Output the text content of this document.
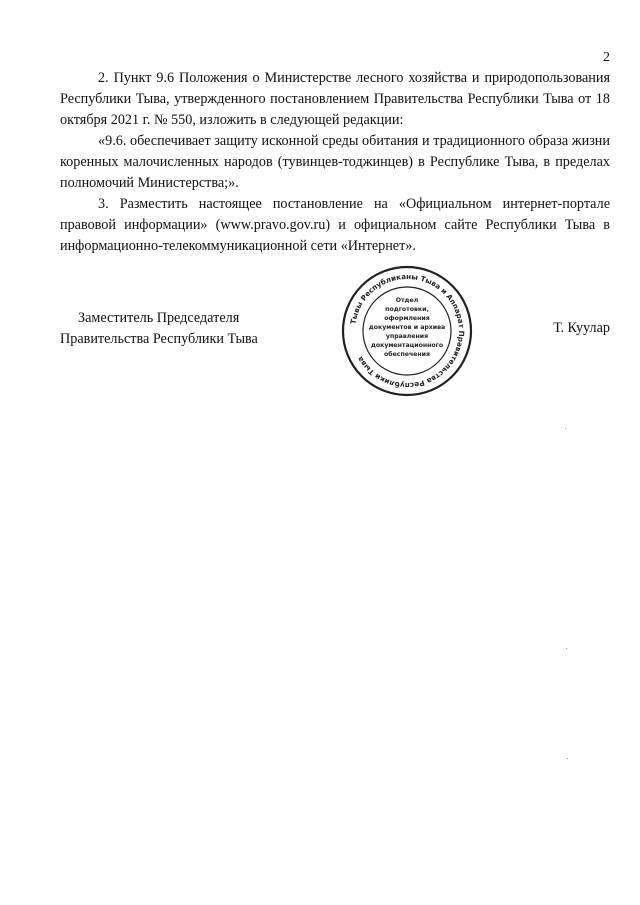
2

2. Пункт 9.6 Положения о Министерстве лесного хозяйства и природопользования Республики Тыва, утвержденного постановлением Правительства Республики Тыва от 18 октября 2021 г. № 550, изложить в следующей редакции:

«9.6. обеспечивает защиту исконной среды обитания и традиционного образа жизни коренных малочисленных народов (тувинцев-тоджинцев) в Республике Тыва, в пределах полномочий Министерства;».

3. Разместить настоящее постановление на «Официальном интернет-портале правовой информации» (www.pravo.gov.ru) и официальном сайте Республики Тыва в информационно-телекоммуникационной сети «Интернет».

Заместитель Председателя
Правительства Республики Тыва
Тывы Республиканы Тыва и Аппарат Правительства Республики Тыва
Отдел
подготовки,
оформления
документов и архива
управления
документационного
обеспечения
Т. Куулар
